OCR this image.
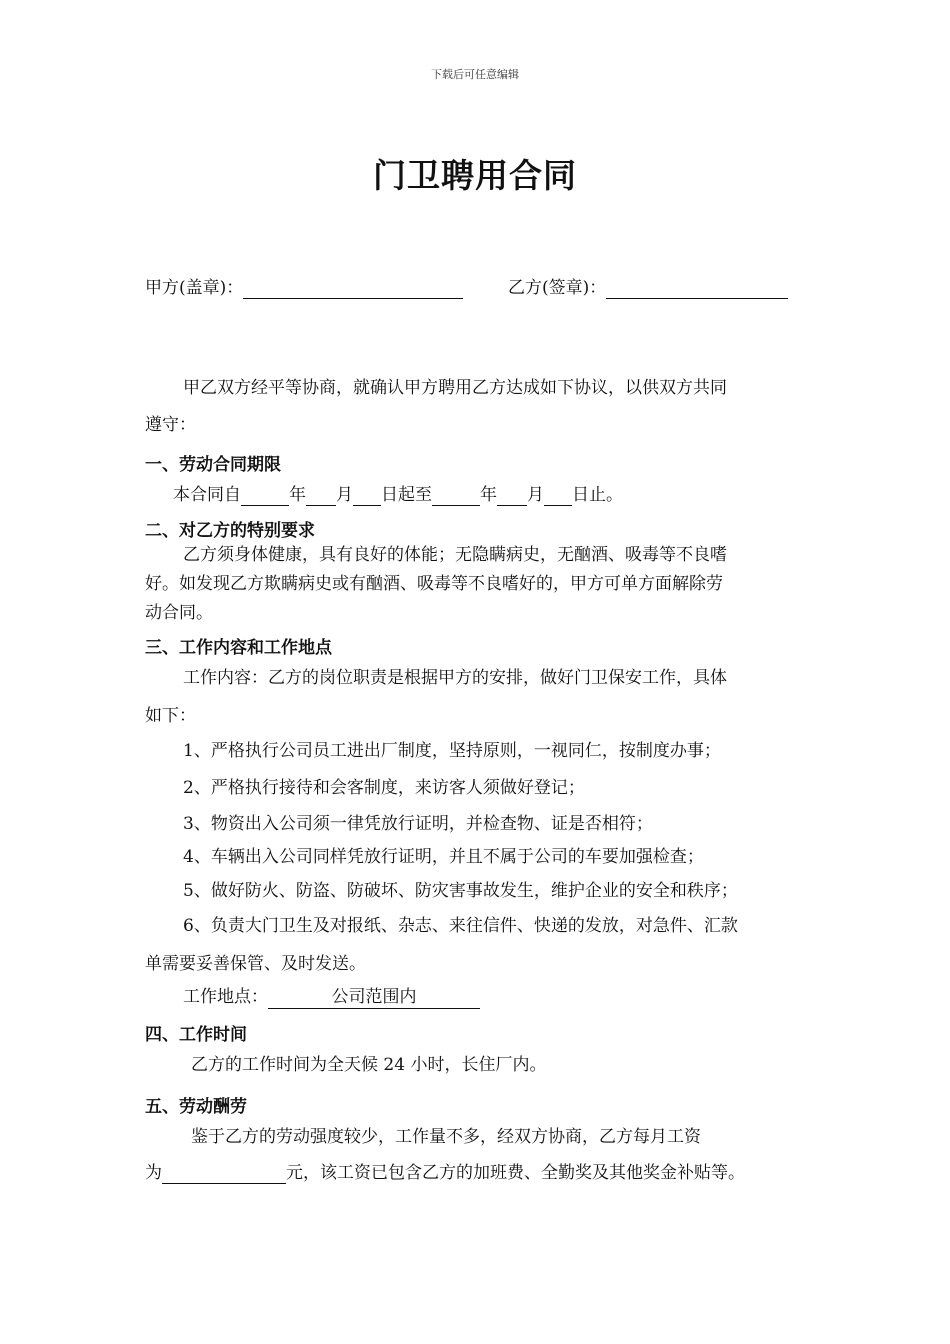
下载后可任意编辑
门卫聘用合同
甲方(盖章)：	乙方(签章)：
甲乙双方经平等协商，就确认甲方聘用乙方达成如下协议，以供双方共同
遵守：
一、劳动合同期限
本合同自	年 月 日起至	年 月 日止。
二、对乙方的特别要求
乙方须身体健康，具有良好的体能；无隐瞒病史，无酗酒、吸毒等不良嗜
好。如发现乙方欺瞒病史或有酗酒、吸毒等不良嗜好的，甲方可单方面解除劳
动合同。
三、工作内容和工作地点
工作内容：乙方的岗位职责是根据甲方的安排，做好门卫保安工作，具体
如下：
1、严格执行公司员工进出厂制度，坚持原则，一视同仁，按制度办事；
2、严格执行接待和会客制度，来访客人须做好登记；
3、物资出入公司须一律凭放行证明，并检查物、证是否相符；
4、车辆出入公司同样凭放行证明，并且不属于公司的车要加强检查；
5、做好防火、防盗、防破坏、防灾害事故发生，维护企业的安全和秩序；
6、负责大门卫生及对报纸、杂志、来往信件、快递的发放，对急件、汇款
单需要妥善保管、及时发送。
工作地点：	公司范围内
四、工作时间
乙方的工作时间为全天候 24 小时，长住厂内。
五、劳动酬劳
鉴于乙方的劳动强度较少，工作量不多，经双方协商，乙方每月工资
为	元，该工资已包含乙方的加班费、全勤奖及其他奖金补贴等。
